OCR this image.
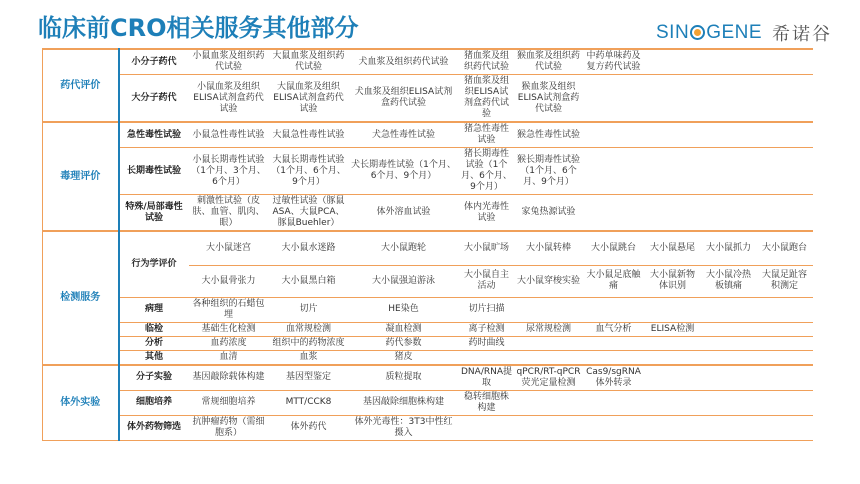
临床前CRO相关服务其他部分	SIN GENE 希诺谷
药代评价	小分子药代	小鼠血浆及组织药代试验	大鼠血浆及组织药代试验	犬血浆及组织药代试验	猪血浆及组织药代试验	猴血浆及组织药代试验	中药单味药及复方药代试验			
	大分子药代	小鼠血浆及组织ELISA试剂盒药代试验	大鼠血浆及组织ELISA试剂盒药代试验	犬血浆及组织ELISA试剂盒药代试验	猪血浆及组织ELISA试剂盒药代试验	猴血浆及组织ELISA试剂盒药代试验				
毒理评价	急性毒性试验	小鼠急性毒性试验	大鼠急性毒性试验	犬急性毒性试验	猪急性毒性试验	猴急性毒性试验				
	长期毒性试验	小鼠长期毒性试验（1个月、3个月、6个月）	大鼠长期毒性试验（1个月、6个月、9个月）	犬长期毒性试验（1个月、6个月、9个月）	猪长期毒性试验（1个月、6个月、9个月）	猴长期毒性试验（1个月、6个月、9个月）				
	特殊/局部毒性试验	刺激性试验（皮肤、血管、肌肉、眼）	过敏性试验（豚鼠ASA、大鼠PCA、豚鼠Buehler）	体外溶血试验	体内光毒性试验	家兔热源试验				
检测服务	行为学评价	大小鼠迷宫	大小鼠水迷路	大小鼠跑轮	大小鼠旷场	大小鼠转棒	大小鼠跳台	大小鼠悬尾	大小鼠抓力	大小鼠跑台
		大小鼠骨张力	大小鼠黑白箱	大小鼠强迫游泳	大小鼠自主活动	大小鼠穿梭实验	大小鼠足底触痛	大小鼠新物体识别	大小鼠冷热板镇痛	大鼠足趾容积测定
	病理	各种组织的石蜡包埋	切片	HE染色	切片扫描					
	临检	基础生化检测	血常规检测	凝血检测	离子检测	尿常规检测	血气分析	ELISA检测		
	分析	血药浓度	组织中的药物浓度	药代参数	药时曲线					
	其他	血清	血浆	猪皮						
体外实验	分子实验	基因敲除载体构建	基因型鉴定	质粒提取	DNA/RNA提取	qPCR/RT-qPCR荧光定量检测	Cas9/sgRNA体外转录			
	细胞培养	常规细胞培养	MTT/CCK8	基因敲除细胞株构建	稳转细胞株构建					
	体外药物筛选	抗肿瘤药物（需细胞系）	体外药代	体外光毒性：3T3中性红摄入						
